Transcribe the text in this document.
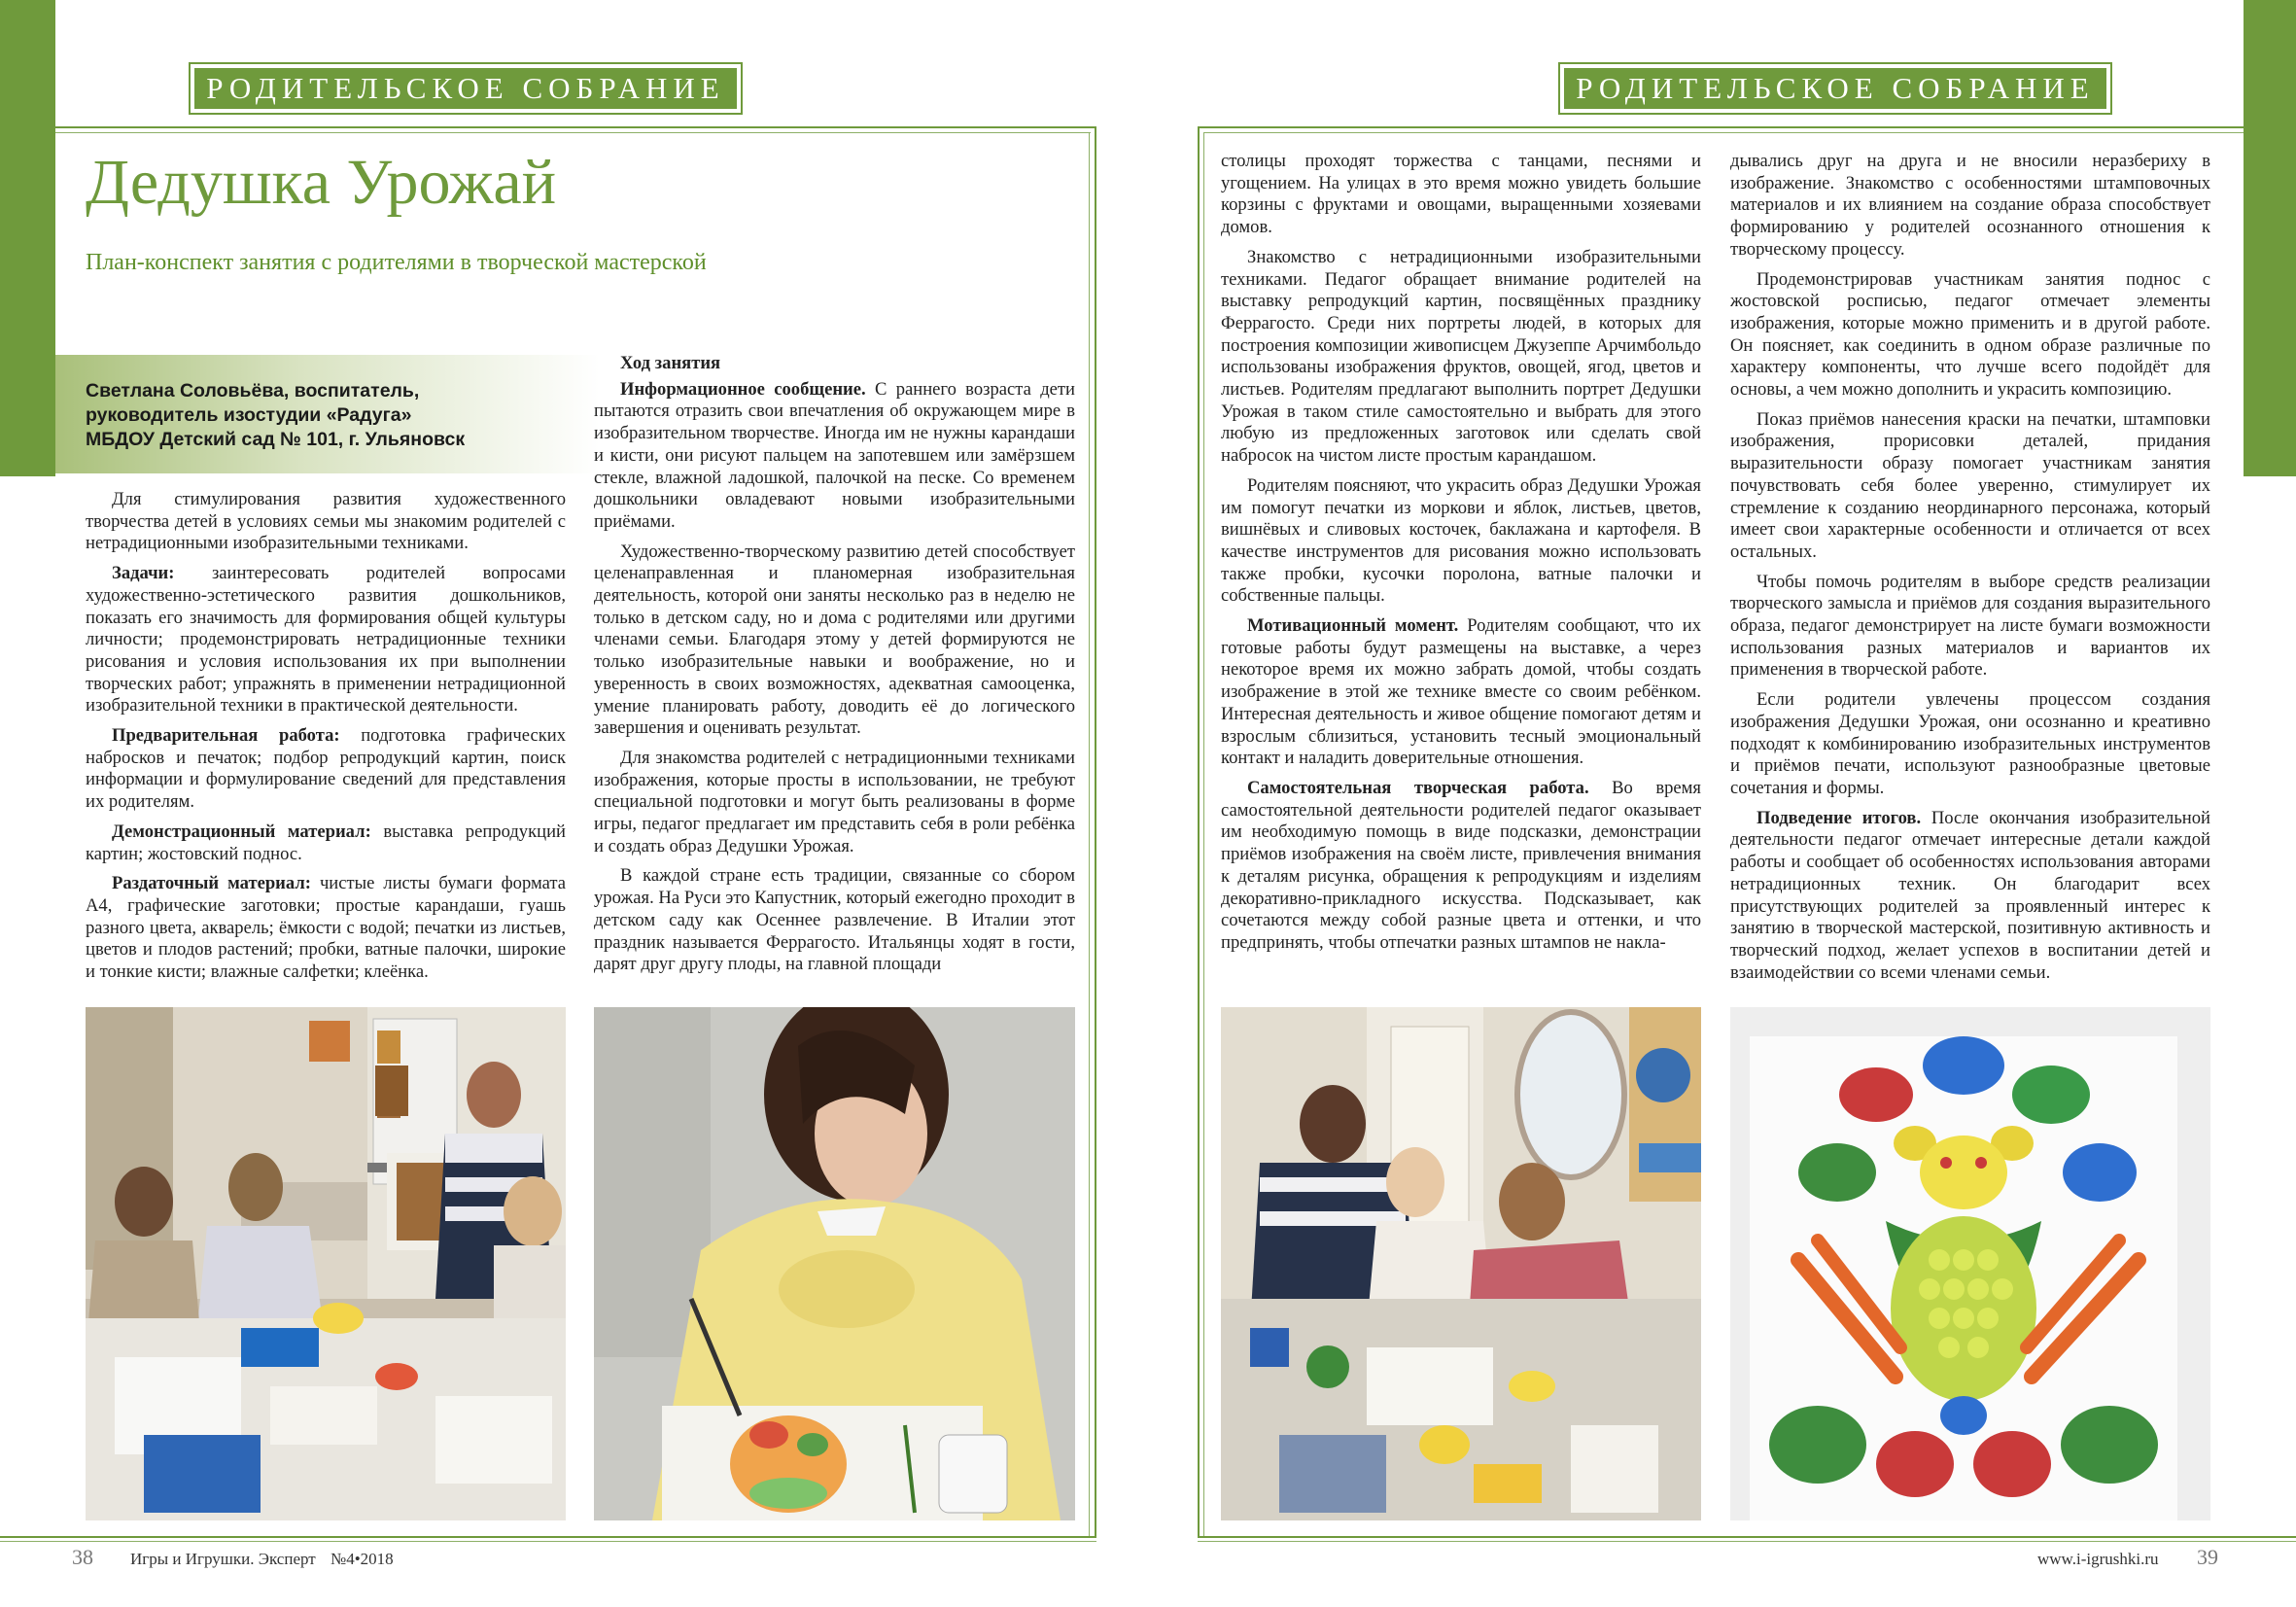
РОДИТЕЛЬСКОЕ СОБРАНИЕ	РОДИТЕЛЬСКОЕ СОБРАНИЕ
Дедушка Урожай
План-конспект занятия с родителями в творческой мастерской
Светлана Соловьёва, воспитатель,
руководитель изостудии «Радуга»
МБДОУ Детский сад № 101, г. Ульяновск

Для стимулирования развития художественного творчества детей в условиях семьи мы знакомим родителей с нетрадиционными изобразительными техниками.

Задачи: заинтересовать родителей вопросами художественно-эстетического развития дошкольников, показать его значимость для формирования общей культуры личности; продемонстрировать нетрадиционные техники рисования и условия использования их при выполнении творческих работ; упражнять в применении нетрадиционной изобразительной техники в практической деятельности.

Предварительная работа: подготовка графических набросков и печаток; подбор репродукций картин, поиск информации и формулирование сведений для представления их родителям.

Демонстрационный материал: выставка репродукций картин; жостовский поднос.

Раздаточный материал: чистые листы бумаги формата А4, графические заготовки; простые карандаши, гуашь разного цвета, акварель; ёмкости с водой; печатки из листьев, цветов и плодов растений; пробки, ватные палочки, широкие и тонкие кисти; влажные салфетки; клеёнка.

Ход занятия

Информационное сообщение. С раннего возраста дети пытаются отразить свои впечатления об окружающем мире в изобразительном творчестве. Иногда им не нужны карандаши и кисти, они рисуют пальцем на запотевшем или замёрзшем стекле, влажной ладошкой, палочкой на песке. Со временем дошкольники овладевают новыми изобразительными приёмами.

Художественно-творческому развитию детей способствует целенаправленная и планомерная изобразительная деятельность, которой они заняты несколько раз в неделю не только в детском саду, но и дома с родителями или другими членами семьи. Благодаря этому у детей формируются не только изобразительные навыки и воображение, но и уверенность в своих возможностях, адекватная самооценка, умение планировать работу, доводить её до логического завершения и оценивать результат.

Для знакомства родителей с нетрадиционными техниками изображения, которые просты в использовании, не требуют специальной подготовки и могут быть реализованы в форме игры, педагог предлагает им представить себя в роли ребёнка и создать образ Дедушки Урожая.

В каждой стране есть традиции, связанные со сбором урожая. На Руси это Капустник, который ежегодно проходит в детском саду как Осеннее развлечение. В Италии этот праздник называется Феррагосто. Итальянцы ходят в гости, дарят друг другу плоды, на главной площади

столицы проходят торжества с танцами, песнями и угощением. На улицах в это время можно увидеть большие корзины с фруктами и овощами, выращенными хозяевами домов.

Знакомство с нетрадиционными изобразительными техниками. Педагог обращает внимание родителей на выставку репродукций картин, посвящённых празднику Феррагосто. Среди них портреты людей, в которых для построения композиции живописцем Джузеппе Арчимбольдо использованы изображения фруктов, овощей, ягод, цветов и листьев. Родителям предлагают выполнить портрет Дедушки Урожая в таком стиле самостоятельно и выбрать для этого любую из предложенных заготовок или сделать свой набросок на чистом листе простым карандашом.

Родителям поясняют, что украсить образ Дедушки Урожая им помогут печатки из моркови и яблок, листьев, цветов, вишнёвых и сливовых косточек, баклажана и картофеля. В качестве инструментов для рисования можно использовать также пробки, кусочки поролона, ватные палочки и собственные пальцы.

Мотивационный момент. Родителям сообщают, что их готовые работы будут размещены на выставке, а через некоторое время их можно забрать домой, чтобы создать изображение в этой же технике вместе со своим ребёнком. Интересная деятельность и живое общение помогают детям и взрослым сблизиться, установить тесный эмоциональный контакт и наладить доверительные отношения.

Самостоятельная творческая работа. Во время самостоятельной деятельности родителей педагог оказывает им необходимую помощь в виде подсказки, демонстрации приёмов изображения на своём листе, привлечения внимания к деталям рисунка, обращения к репродукциям и изделиям декоративно-прикладного искусства. Подсказывает, как сочетаются между собой разные цвета и оттенки, и что предпринять, чтобы отпечатки разных штампов не накла-

дывались друг на друга и не вносили неразбериху в изображение. Знакомство с особенностями штамповочных материалов и их влиянием на создание образа способствует формированию у родителей осознанного отношения к творческому процессу.

Продемонстрировав участникам занятия поднос с жостовской росписью, педагог отмечает элементы изображения, которые можно применить и в другой работе. Он поясняет, как соединить в одном образе различные по характеру компоненты, что лучше всего подойдёт для основы, а чем можно дополнить и украсить композицию.

Показ приёмов нанесения краски на печатки, штамповки изображения, прорисовки деталей, придания выразительности образу помогает участникам занятия почувствовать себя более уверенно, стимулирует их стремление к созданию неординарного персонажа, который имеет свои характерные особенности и отличается от всех остальных.

Чтобы помочь родителям в выборе средств реализации творческого замысла и приёмов для создания выразительного образа, педагог демонстрирует на листе бумаги возможности использования разных материалов и вариантов их применения в творческой работе.

Если родители увлечены процессом создания изображения Дедушки Урожая, они осознанно и креативно подходят к комбинированию изобразительных инструментов и приёмов печати, используют разнообразные цветовые сочетания и формы.

Подведение итогов. После окончания изобразительной деятельности педагог отмечает интересные детали каждой работы и сообщает об особенностях использования авторами нетрадиционных техник. Он благодарит всех присутствующих родителей за проявленный интерес к занятию в творческой мастерской, позитивную активность и творческий подход, желает успехов в воспитании детей и взаимодействии со всеми членами семьи.

38 Игры и Игрушки. Эксперт №4•2018	www.i-igrushki.ru 39
